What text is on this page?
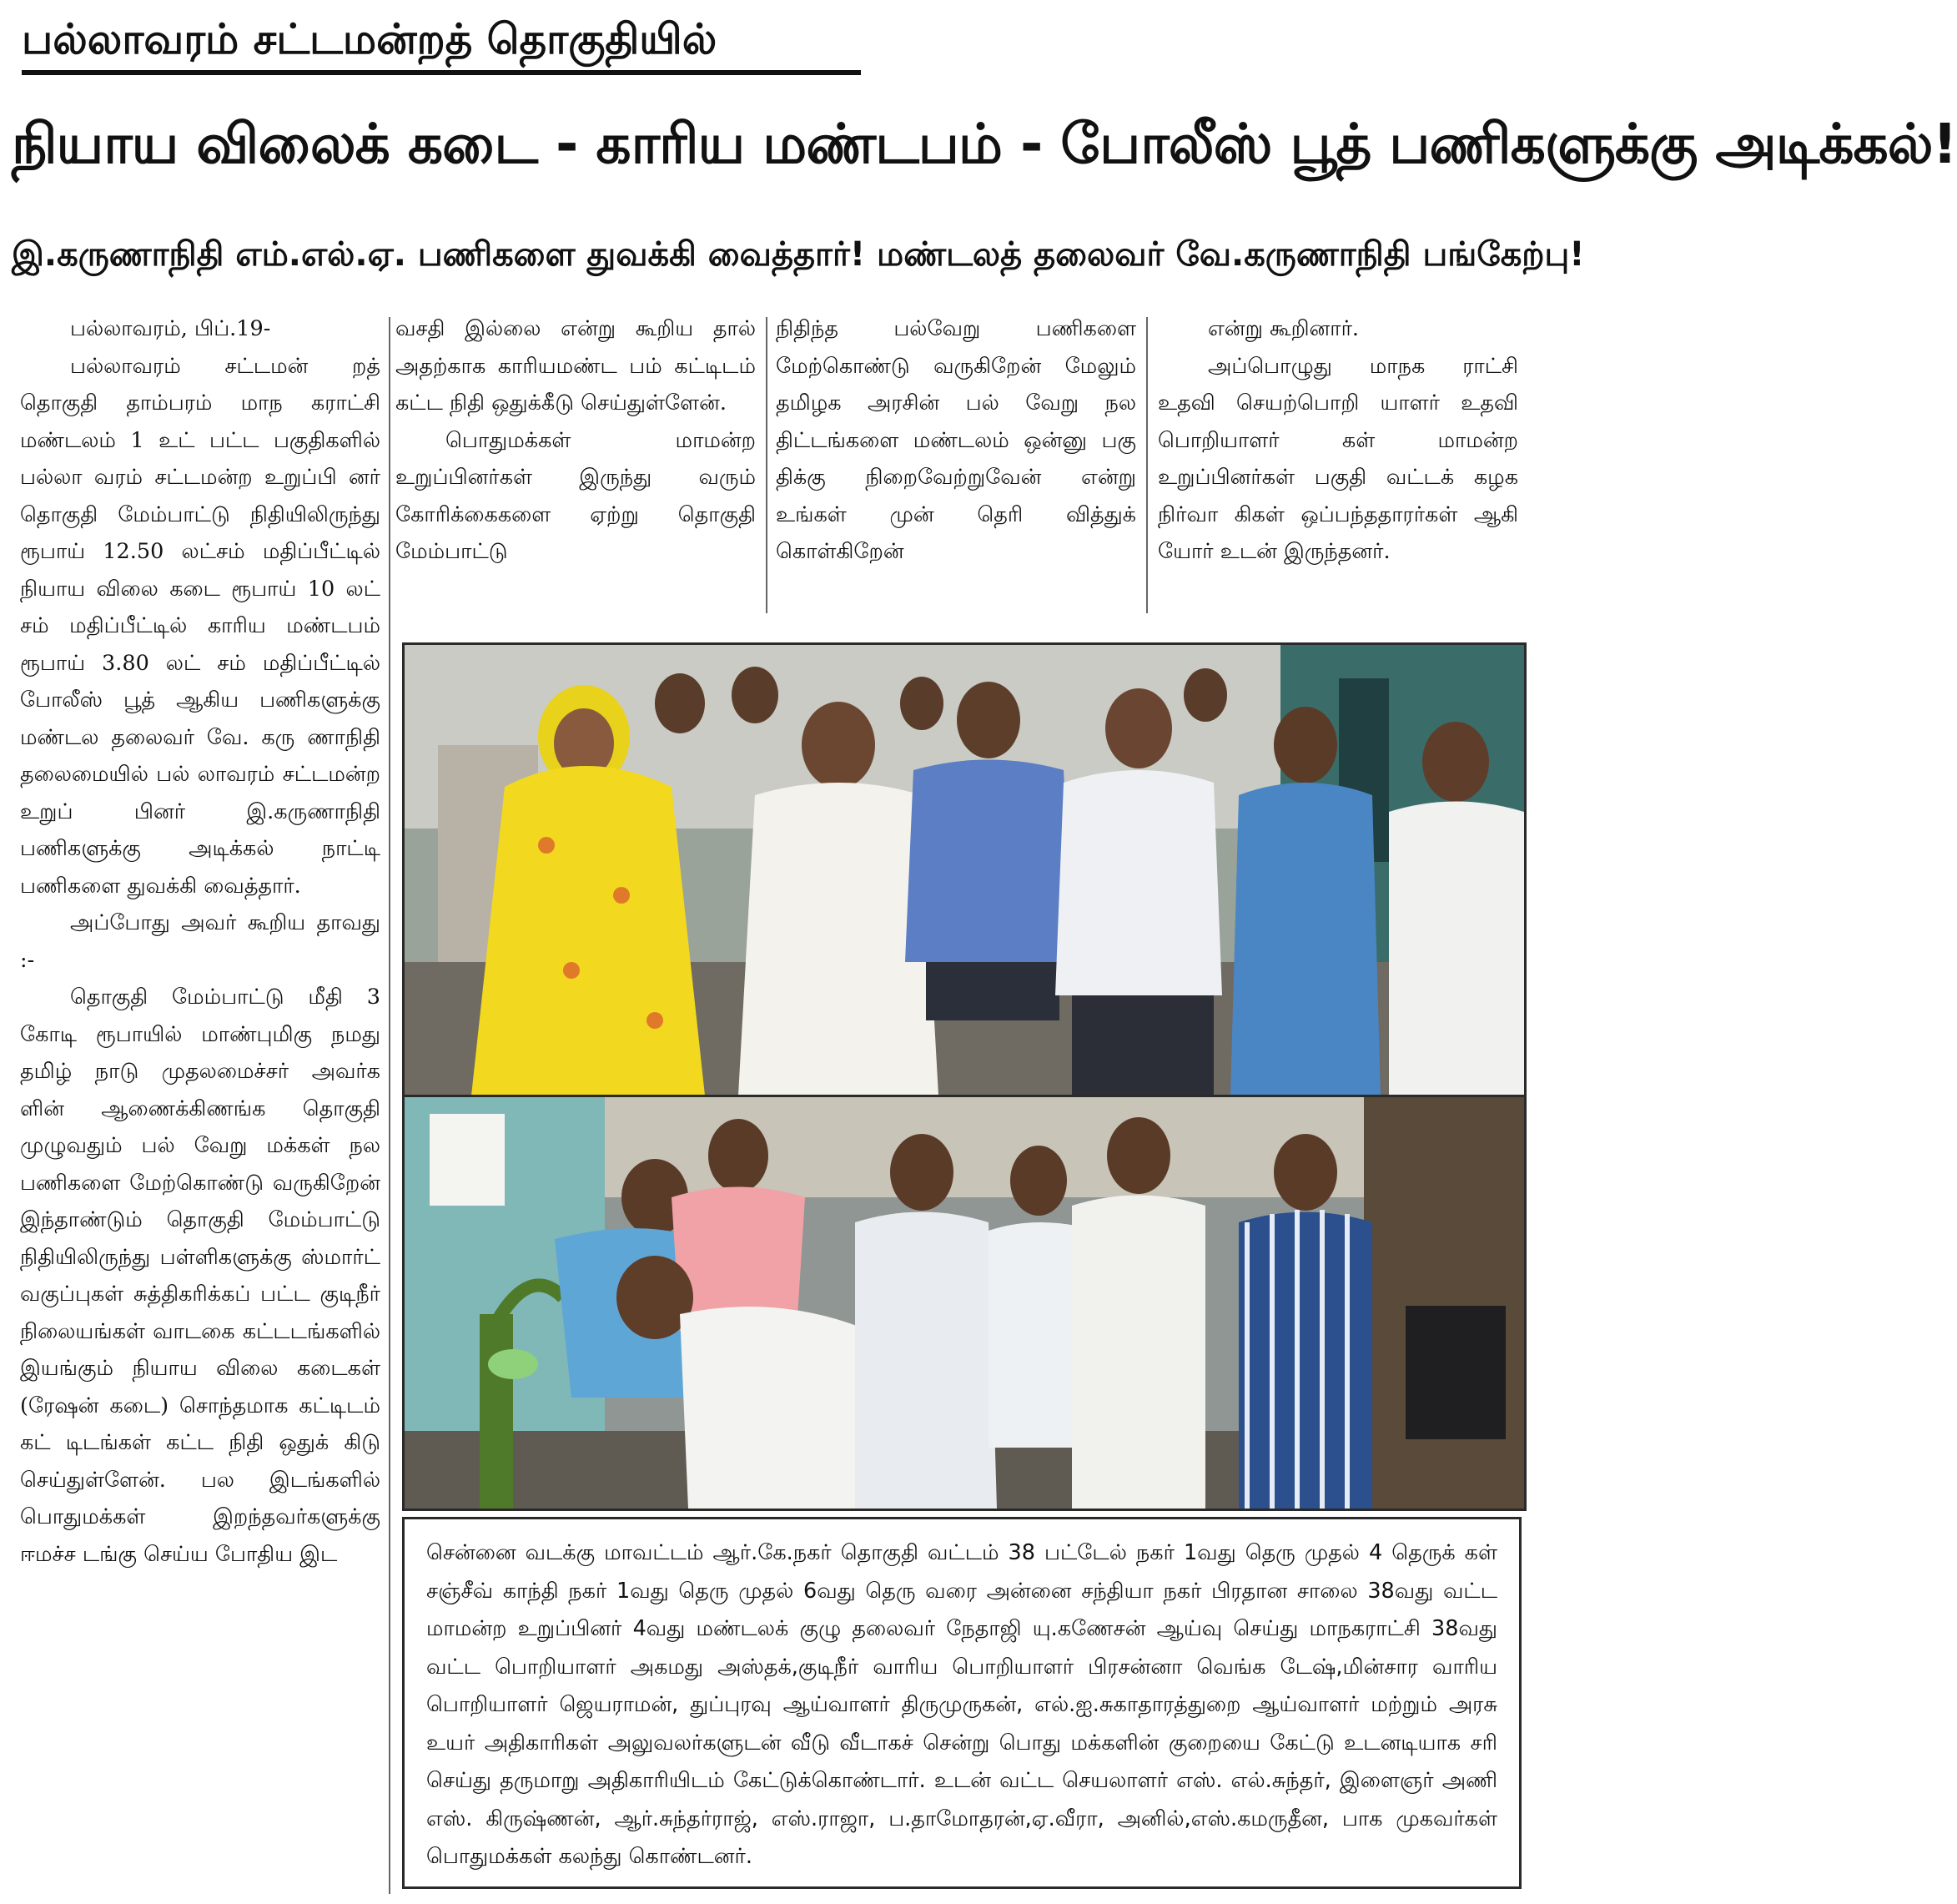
பல்லாவரம் சட்டமன்றத் தொகுதியில்
நியாய விலைக் கடை - காரிய மண்டபம் - போலீஸ் பூத் பணிகளுக்கு அடிக்கல்!
இ.கருணாநிதி எம்.எல்.ஏ. பணிகளை துவக்கி வைத்தார்! மண்டலத் தலைவர் வே.கருணாநிதி பங்கேற்பு!

பல்லாவரம், பிப்.19-

பல்லாவரம் சட்டமன் றத் தொகுதி தாம்பரம் மாந கராட்சி மண்டலம் 1 உட் பட்ட பகுதிகளில் பல்லா வரம் சட்டமன்ற உறுப்பி னர் தொகுதி மேம்பாட்டு நிதியிலிருந்து ரூபாய் 12.50 லட்சம் மதிப்பீட்டில் நியாய விலை கடை ரூபாய் 10 லட் சம் மதிப்பீட்டில் காரிய மண்டபம் ரூபாய் 3.80 லட் சம் மதிப்பீட்டில் போலீஸ் பூத் ஆகிய பணிகளுக்கு மண்டல தலைவர் வே. கரு ணாநிதி தலைமையில் பல் லாவரம் சட்டமன்ற உறுப் பினர் இ.கருணாநிதி பணிகளுக்கு அடிக்கல் நாட்டி பணிகளை துவக்கி வைத்தார்.

அப்போது அவர் கூறிய தாவது :-

தொகுதி மேம்பாட்டு மீதி 3 கோடி ரூபாயில் மாண்புமிகு நமது தமிழ் நாடு முதலமைச்சர் அவர்க ளின் ஆணைக்கிணங்க தொகுதி முழுவதும் பல் வேறு மக்கள் நல பணிகளை மேற்கொண்டு வருகிறேன் இந்தாண்டும் தொகுதி மேம்பாட்டு நிதியிலிருந்து பள்ளிகளுக்கு ஸ்மார்ட் வகுப்புகள் சுத்திகரிக்கப் பட்ட குடிநீர் நிலையங்கள் வாடகை கட்டடங்களில் இயங்கும் நியாய விலை கடைகள் (ரேஷன் கடை) சொந்தமாக கட்டிடம் கட் டிடங்கள் கட்ட நிதி ஒதுக் கிடு செய்துள்ளேன். பல இடங்களில் பொதுமக்கள் இறந்தவர்களுக்கு ஈமச்ச டங்கு செய்ய போதிய இட

வசதி இல்லை என்று கூறிய தால் அதற்காக காரியமண்ட பம் கட்டிடம் கட்ட நிதி ஒதுக்கீடு செய்துள்ளேன்.

பொதுமக்கள் மாமன்ற உறுப்பினர்கள் இருந்து வரும் கோரிக்கைகளை ஏற்று தொகுதி மேம்பாட்டு

நிதிந்த பல்வேறு பணிகளை மேற்கொண்டு வருகிறேன் மேலும் தமிழக அரசின் பல் வேறு நல திட்டங்களை மண்டலம் ஒன்னு பகு திக்கு நிறைவேற்றுவேன் என்று உங்கள் முன் தெரி வித்துக் கொள்கிறேன்

என்று கூறினார்.

அப்பொழுது மாநக ராட்சி உதவி செயற்பொறி யாளர் உதவி பொறியாளர் கள் மாமன்ற உறுப்பினர்கள் பகுதி வட்டக் கழக நிர்வா கிகள் ஒப்பந்ததாரர்கள் ஆகி யோர் உடன் இருந்தனர்.

சென்னை வடக்கு மாவட்டம் ஆர்.கே.நகர் தொகுதி வட்டம் 38 பட்டேல் நகர் 1வது தெரு முதல் 4 தெருக் கள் சஞ்சீவ் காந்தி நகர் 1வது தெரு முதல் 6வது தெரு வரை அன்னை சந்தியா நகர் பிரதான சாலை 38வது வட்ட மாமன்ற உறுப்பினர் 4வது மண்டலக் குழு தலைவர் நேதாஜி யு.கணேசன் ஆய்வு செய்து மாநகராட்சி 38வது வட்ட பொறியாளர் அகமது அஸ்தக்,குடிநீர் வாரிய பொறியாளர் பிரசன்னா வெங்க டேஷ்,மின்சார வாரிய பொறியாளர் ஜெயராமன், துப்புரவு ஆய்வாளர் திருமுருகன், எல்.ஐ.சுகாதாரத்துறை ஆய்வாளர் மற்றும் அரசு உயர் அதிகாரிகள் அலுவலர்களுடன் வீடு வீடாகச் சென்று பொது மக்களின் குறையை கேட்டு உடனடியாக சரி செய்து தருமாறு அதிகாரியிடம் கேட்டுக்கொண்டார். உடன் வட்ட செயலாளர் எஸ். எல்.சுந்தர், இளைஞர் அணி எஸ். கிருஷ்ணன், ஆர்.சுந்தர்ராஜ், எஸ்.ராஜா, ப.தாமோதரன்,ஏ.வீரா, அனில்,எஸ்.கமருதீன, பாக முகவர்கள் பொதுமக்கள் கலந்து கொண்டனர்.
